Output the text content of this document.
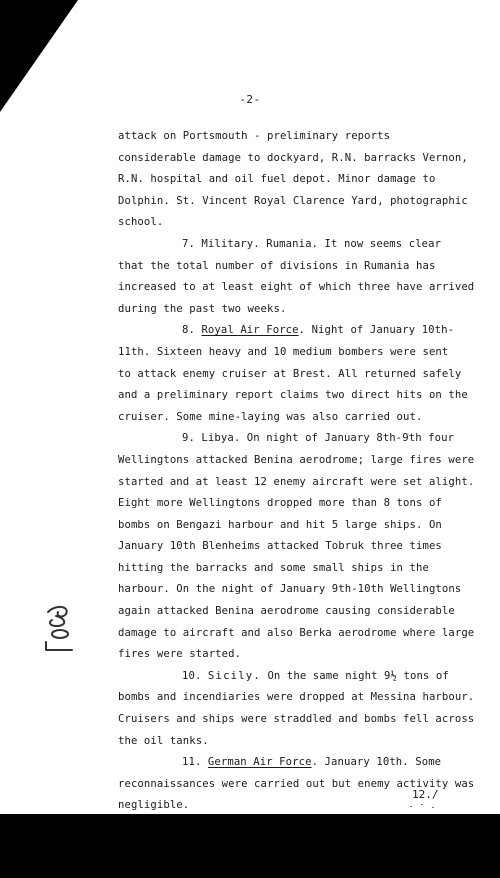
-2-
attack on Portsmouth - preliminary reports
considerable damage to dockyard, R.N. barracks Vernon,
R.N. hospital and oil fuel depot. Minor damage to
Dolphin. St. Vincent Royal Clarence Yard, photographic
school.
7. Military. Rumania. It now seems clear
that the total number of divisions in Rumania has
increased to at least eight of which three have arrived
during the past two weeks.
8. Royal Air Force. Night of January 10th-
11th. Sixteen heavy and 10 medium bombers were sent
to attack enemy cruiser at Brest. All returned safely
and a preliminary report claims two direct hits on the
cruiser. Some mine-laying was also carried out.
9. Libya. On night of January 8th-9th four
Wellingtons attacked Benina aerodrome; large fires were
started and at least 12 enemy aircraft were set alight.
Eight more Wellingtons dropped more than 8 tons of
bombs on Bengazi harbour and hit 5 large ships. On
January 10th Blenheims attacked Tobruk three times
hitting the barracks and some small ships in the
harbour. On the night of January 9th-10th Wellingtons
again attacked Benina aerodrome causing considerable
damage to aircraft and also Berka aerodrome where large
fires were started.
10. Sicily. On the same night 9½ tons of
bombs and incendiaries were dropped at Messina harbour.
Cruisers and ships were straddled and bombs fell across
the oil tanks.
11. German Air Force. January 10th. Some
reconnaissances were carried out but enemy activity was
negligible.
12./
